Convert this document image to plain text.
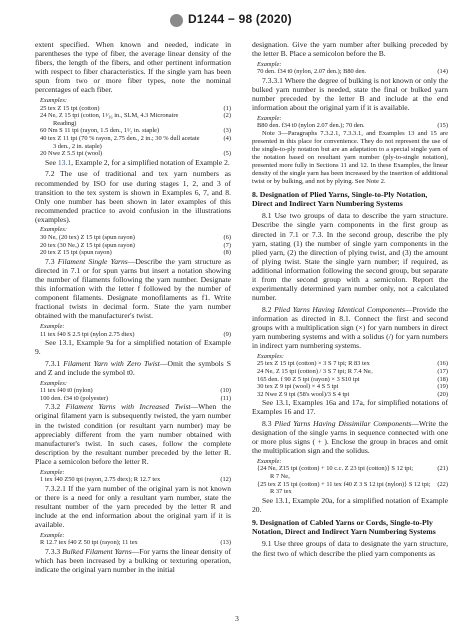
D1244 − 98 (2020)

extent specified. When known and needed, indicate in parentheses the type of fiber, the average linear density of the fibers, the length of the fibers, and other pertinent information with respect to fiber characteristics. If the single yarn has been spun from two or more fiber types, note the nominal percentages of each fiber.

Examples:
25 tex Z 15 tpi (cotton)	(1)
24 Neₒ Z 15 tpi (cotton, 1¹⁄₁₆ in., SLM, 4.3 Micronaire	(2)
Reading)
60 Nm S 11 tpi (rayon, 1.5 den., 1¹⁄₂ in. staple)	(3)
40 tex Z 11 tpi (70 % rayon, 2.75 den., 2 in.; 30 % dull acetate	(4)
3 den., 2 in. staple)
20 Nwe Z 5.5 tpi (wool)	(5)

See 13.1, Example 2, for a simplified notation of Example 2.

7.2 The use of traditional and tex yarn numbers as recommended by ISO for use during stages 1, 2, and 3 of transition to the tex system is shown in Examples 6, 7, and 8. Only one number has been shown in later examples of this recommended practice to avoid confusion in the illustrations (examples).

Examples:
30 Neₒ (20 tex) Z 15 tpi (spun rayon)	(6)
20 tex (30 Neₒ) Z 15 tpi (spun rayon)	(7)
20 tex Z 15 tpi (spun rayon)	(8)

7.3 Filament Single Yarns—Describe the yarn structure as directed in 7.1 or for spun yarns but insert a notation showing the number of filaments following the yarn number. Designate this information with the letter f followed by the number of component filaments. Designate monofilaments as f1. Write fractional twists in decimal form. State the yarn number obtained with the manufacturer's twist.

Example:
11 tex f40 S 2.5 tpi (nylon 2.75 dtex)	(9)

See 13.1, Example 9a for a simplified notation of Example 9.

7.3.1 Filament Yarn with Zero Twist—Omit the symbols S and Z and include the symbol t0.

Examples:
11 tex f40 t0 (nylon)	(10)
100 den. f34 t0 (polyester)	(11)

7.3.2 Filament Yarns with Increased Twist—When the original filament yarn is subsequently twisted, the yarn number in the twisted condition (or resultant yarn number) may be appreciably different from the yarn number obtained with manufacturer's twist. In such cases, follow the complete description by the resultant number preceded by the letter R. Place a semicolon before the letter R.

Example:
1 tex f40 Z50 tpi (rayon, 2.75 dtex); R 12.7 tex	(12)

7.3.2.1 If the yarn number of the original yarn is not known or there is a need for only a resultant yarn number, state the resultant number of the yarn preceded by the letter R and include at the end information about the original yarn if it is available.

Example:
R 12.7 tex f40 Z 50 tpi (rayon); 11 tex	(13)

7.3.3 Bulked Filament Yarns—For yarns the linear density of which has been increased by a bulking or texturing operation, indicate the original yarn number in the initial

designation. Give the yarn number after bulking preceded by the letter B. Place a semicolon before the B.

Example:
70 den. f34 t0 (nylon, 2.07 den.); B80 den.	(14)

7.3.3.1 Where the degree of bulking is not known or only the bulked yarn number is needed, state the final or bulked yarn number preceded by the letter B and include at the end information about the original yarn if it is available.

Example:
B80 den. f34 t0 (nylon 2.07 den.); 70 den.	(15)

Note 3—Paragraphs 7.3.2.1, 7.3.3.1, and Examples 13 and 15 are presented in this place for convenience. They do not represent the use of the single-to-ply notation but are an adaptation to a special single yarn of the notation based on resultant yarn number (ply-to-single notation), presented more fully in Sections 11 and 12. In these Examples, the linear density of the single yarn has been increased by the insertion of additional twist or by bulking, and not by plying. See Note 2.

8. Designation of Plied Yarns, Single-to-Ply Notation, Direct and Indirect Yarn Numbering Systems

8.1 Use two groups of data to describe the yarn structure. Describe the single yarn components in the first group as directed in 7.1 or 7.3. In the second group, describe the ply yarn, stating (1) the number of single yarn components in the plied yarn, (2) the direction of plying twist, and (3) the amount of plying twist. State the single yarn number; if required, as additional information following the second group, but separate it from the second group with a semicolon. Report the experimentally determined yarn number only, not a calculated number.

8.2 Plied Yarns Having Identical Components—Provide the information as directed in 8.1. Connect the first and second groups with a multiplication sign (×) for yarn numbers in direct yarn numbering systems and with a solidus (/) for yarn numbers in indirect yarn numbering systems.

Examples:
25 tex Z 15 tpi (cotton) × 3 S 7 tpi; R 83 tex	(16)
24 Neₒ Z 15 tpi (cotton) / 3 S 7 tpi; R 7.4 Neₒ	(17)
165 den. f 90 Z 5 tpi (rayon) × 3 S10 tpi	(18)
30 tex Z 9 tpi (wool) × 4 S 5 tpi	(19)
32 Nwe Z 9 tpi (58's wool)/3 S 4 tpi	(20)

See 13.1, Examples 16a and 17a, for simplified notations of Examples 16 and 17.

8.3 Plied Yarns Having Dissimilar Components—Write the designation of the single yarns in sequence connected with one or more plus signs ( + ). Enclose the group in braces and omit the multiplication sign and the solidus.

Example:
{24 Neₒ Z15 tpi (cotton) + 10 c.c. Z 23 tpi (cotton)} S 12 tpi;	(21)
R 7 Neₒ
{25 tex Z 15 tpi (cotton) + 11 tex f40 Z 3 S 12 tpi (nylon)} S 12 tpi; (22)
R 37 tex

See 13.1, Example 20a, for a simplified notation of Example 20.

9. Designation of Cabled Yarns or Cords, Single-to-Ply Notation, Direct and Indirect Yarn Numbering Systems

9.1 Use three groups of data to designate the yarn structure, the first two of which describe the plied yarn components as

3
